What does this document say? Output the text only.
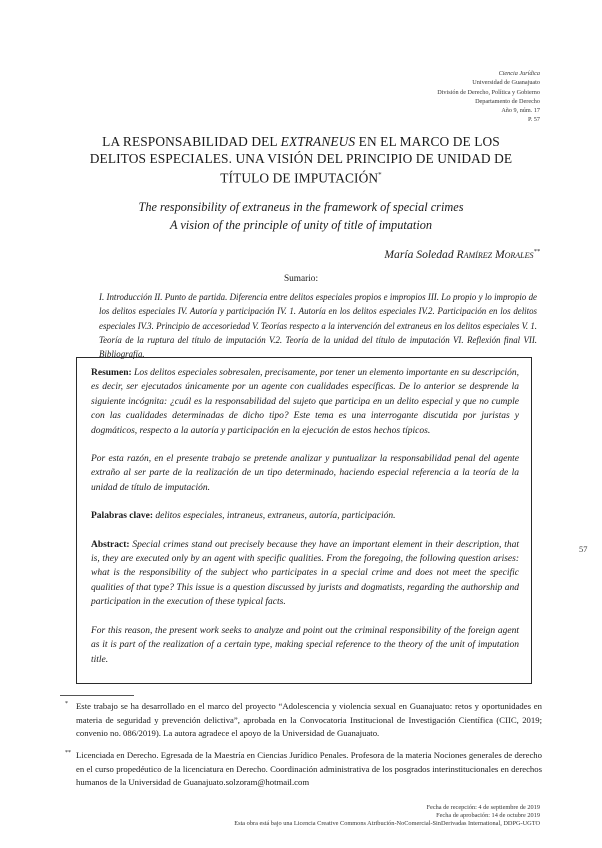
Ciencia Jurídica
Universidad de Guanajuato
División de Derecho, Política y Gobierno
Departamento de Derecho
Año 9, núm. 17
P. 57
LA RESPONSABILIDAD DEL EXTRANEUS EN EL MARCO DE LOS DELITOS ESPECIALES. UNA VISIÓN DEL PRINCIPIO DE UNIDAD DE TÍTULO DE IMPUTACIÓN*
The responsibility of extraneus in the framework of special crimes
A vision of the principle of unity of title of imputation
María Soledad Ramírez Morales**
Sumario:
I. Introducción II. Punto de partida. Diferencia entre delitos especiales propios e impropios III. Lo propio y lo impropio de los delitos especiales IV. Autoría y participación IV. 1. Autoría en los delitos especiales IV.2. Participación en los delitos especiales IV.3. Principio de accesoriedad V. Teorías respecto a la intervención del extraneus en los delitos especiales V. 1. Teoría de la ruptura del título de imputación V.2. Teoría de la unidad del título de imputación VI. Reflexión final VII. Bibliografía.

Resumen: Los delitos especiales sobresalen, precisamente, por tener un elemento importante en su descripción, es decir, ser ejecutados únicamente por un agente con cualidades específicas. De lo anterior se desprende la siguiente incógnita: ¿cuál es la responsabilidad del sujeto que participa en un delito especial y que no cumple con las cualidades determinadas de dicho tipo? Este tema es una interrogante discutida por juristas y dogmáticos, respecto a la autoría y participación en la ejecución de estos hechos típicos.

Por esta razón, en el presente trabajo se pretende analizar y puntualizar la responsabilidad penal del agente extraño al ser parte de la realización de un tipo determinado, haciendo especial referencia a la teoría de la unidad de título de imputación.

Palabras clave: delitos especiales, intraneus, extraneus, autoría, participación.

Abstract: Special crimes stand out precisely because they have an important element in their description, that is, they are executed only by an agent with specific qualities. From the foregoing, the following question arises: what is the responsibility of the subject who participates in a special crime and does not meet the specific qualities of that type? This issue is a question discussed by jurists and dogmatists, regarding the authorship and participation in the execution of these typical facts.

For this reason, the present work seeks to analyze and point out the criminal responsibility of the foreign agent as it is part of the realization of a certain type, making special reference to the theory of the unit of imputation title.

57
* Este trabajo se ha desarrollado en el marco del proyecto “Adolescencia y violencia sexual en Guanajuato: retos y oportunidades en materia de seguridad y prevención delictiva”, aprobada en la Convocatoria Institucional de Investigación Científica (CIIC, 2019; convenio no. 086/2019). La autora agradece el apoyo de la Universidad de Guanajuato.
** Licenciada en Derecho. Egresada de la Maestría en Ciencias Jurídico Penales. Profesora de la materia Nociones generales de derecho en el curso propedéutico de la licenciatura en Derecho. Coordinación administrativa de los posgrados interinstitucionales en derechos humanos de la Universidad de Guanajuato.solzoram@hotmail.com
Fecha de recepción: 4 de septiembre de 2019
Fecha de aprobación: 14 de octubre 2019
Esta obra está bajo una Licencia Creative Commons Atribución-NoComercial-SinDerivadas International, DDPG-UGTO
